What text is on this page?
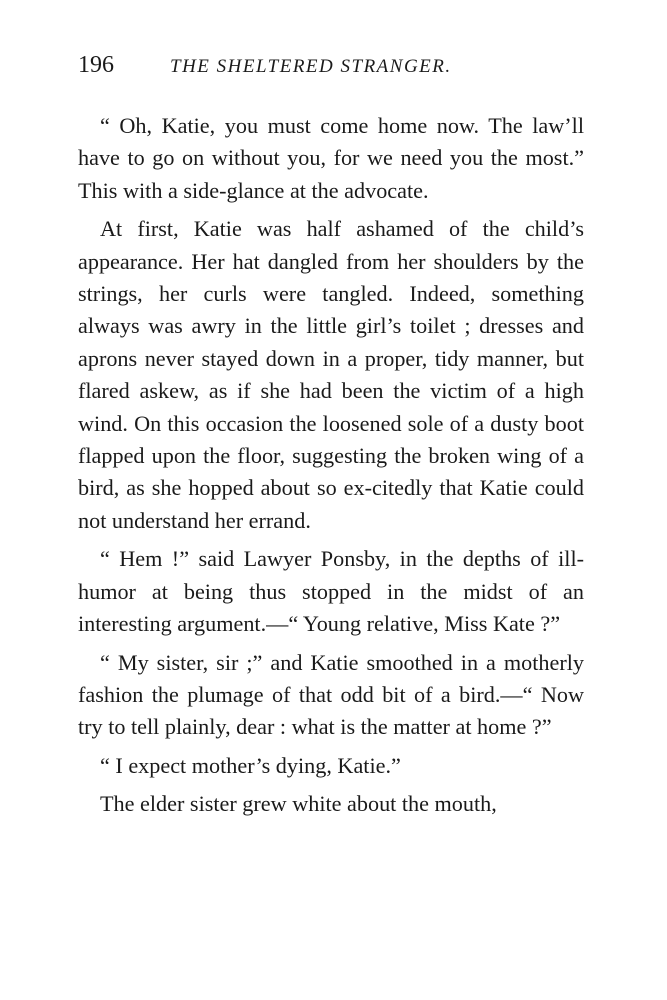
196	THE SHELTERED STRANGER.

“ Oh, Katie, you must come home now. The law’ll have to go on without you, for we need you the most.” This with a side-glance at the advocate.

At first, Katie was half ashamed of the child’s appearance. Her hat dangled from her shoulders by the strings, her curls were tangled. Indeed, something always was awry in the little girl’s toilet ; dresses and aprons never stayed down in a proper, tidy manner, but flared askew, as if she had been the victim of a high wind. On this occasion the loosened sole of a dusty boot flapped upon the floor, suggesting the broken wing of a bird, as she hopped about so ex-citedly that Katie could not understand her errand.

“ Hem !” said Lawyer Ponsby, in the depths of ill-humor at being thus stopped in the midst of an interesting argument.—“ Young relative, Miss Kate ?”

“ My sister, sir ;” and Katie smoothed in a motherly fashion the plumage of that odd bit of a bird.—“ Now try to tell plainly, dear : what is the matter at home ?”

“ I expect mother’s dying, Katie.”

The elder sister grew white about the mouth,
